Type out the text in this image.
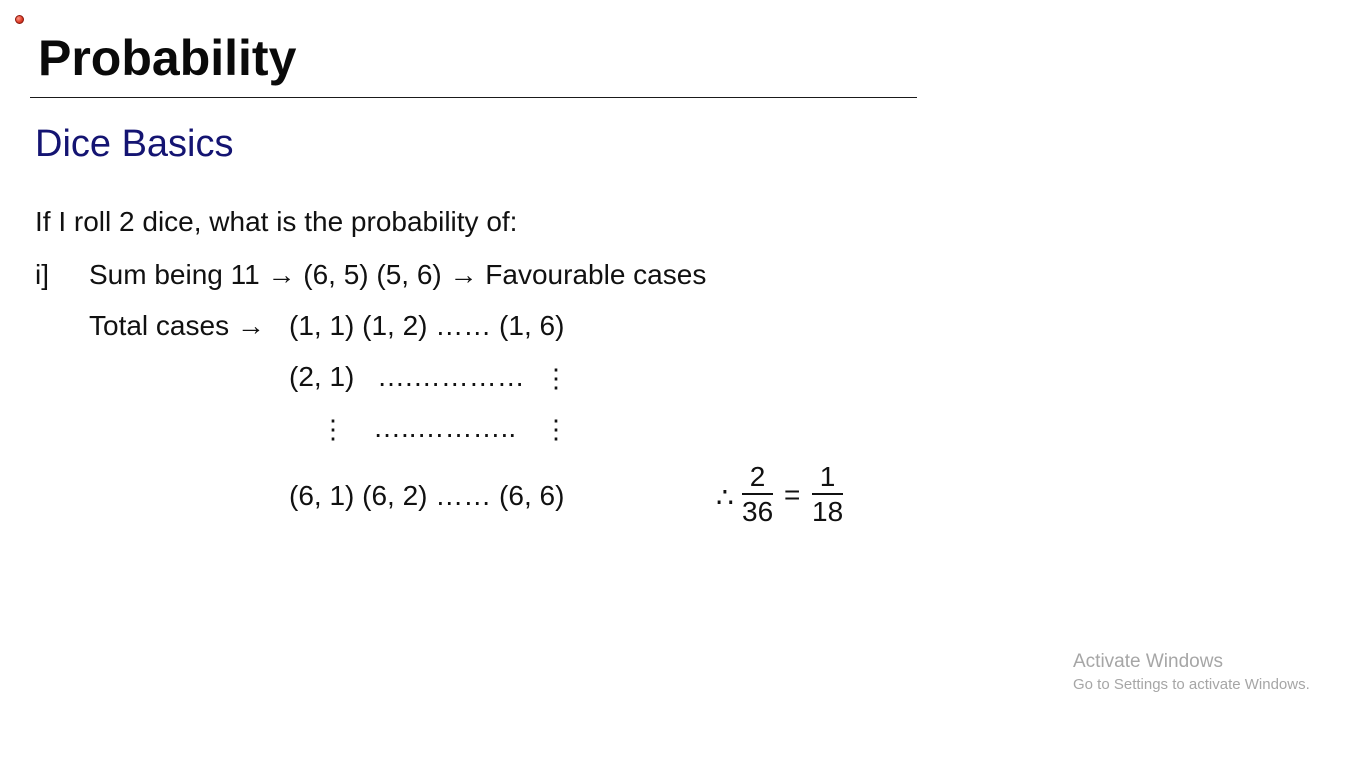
Probability
Dice Basics
If I roll 2 dice, what is the probability of:
i] Sum being 11 → (6, 5) (5, 6) → Favourable cases
Total cases → (1, 1) (1, 2) …… (1, 6)
(2, 1) ….………… ⋮
⋮ …..……….. ⋮
(6, 1) (6, 2) …… (6, 6)	∴
2
36
=
1
18
Activate Windows
Go to Settings to activate Windows.
